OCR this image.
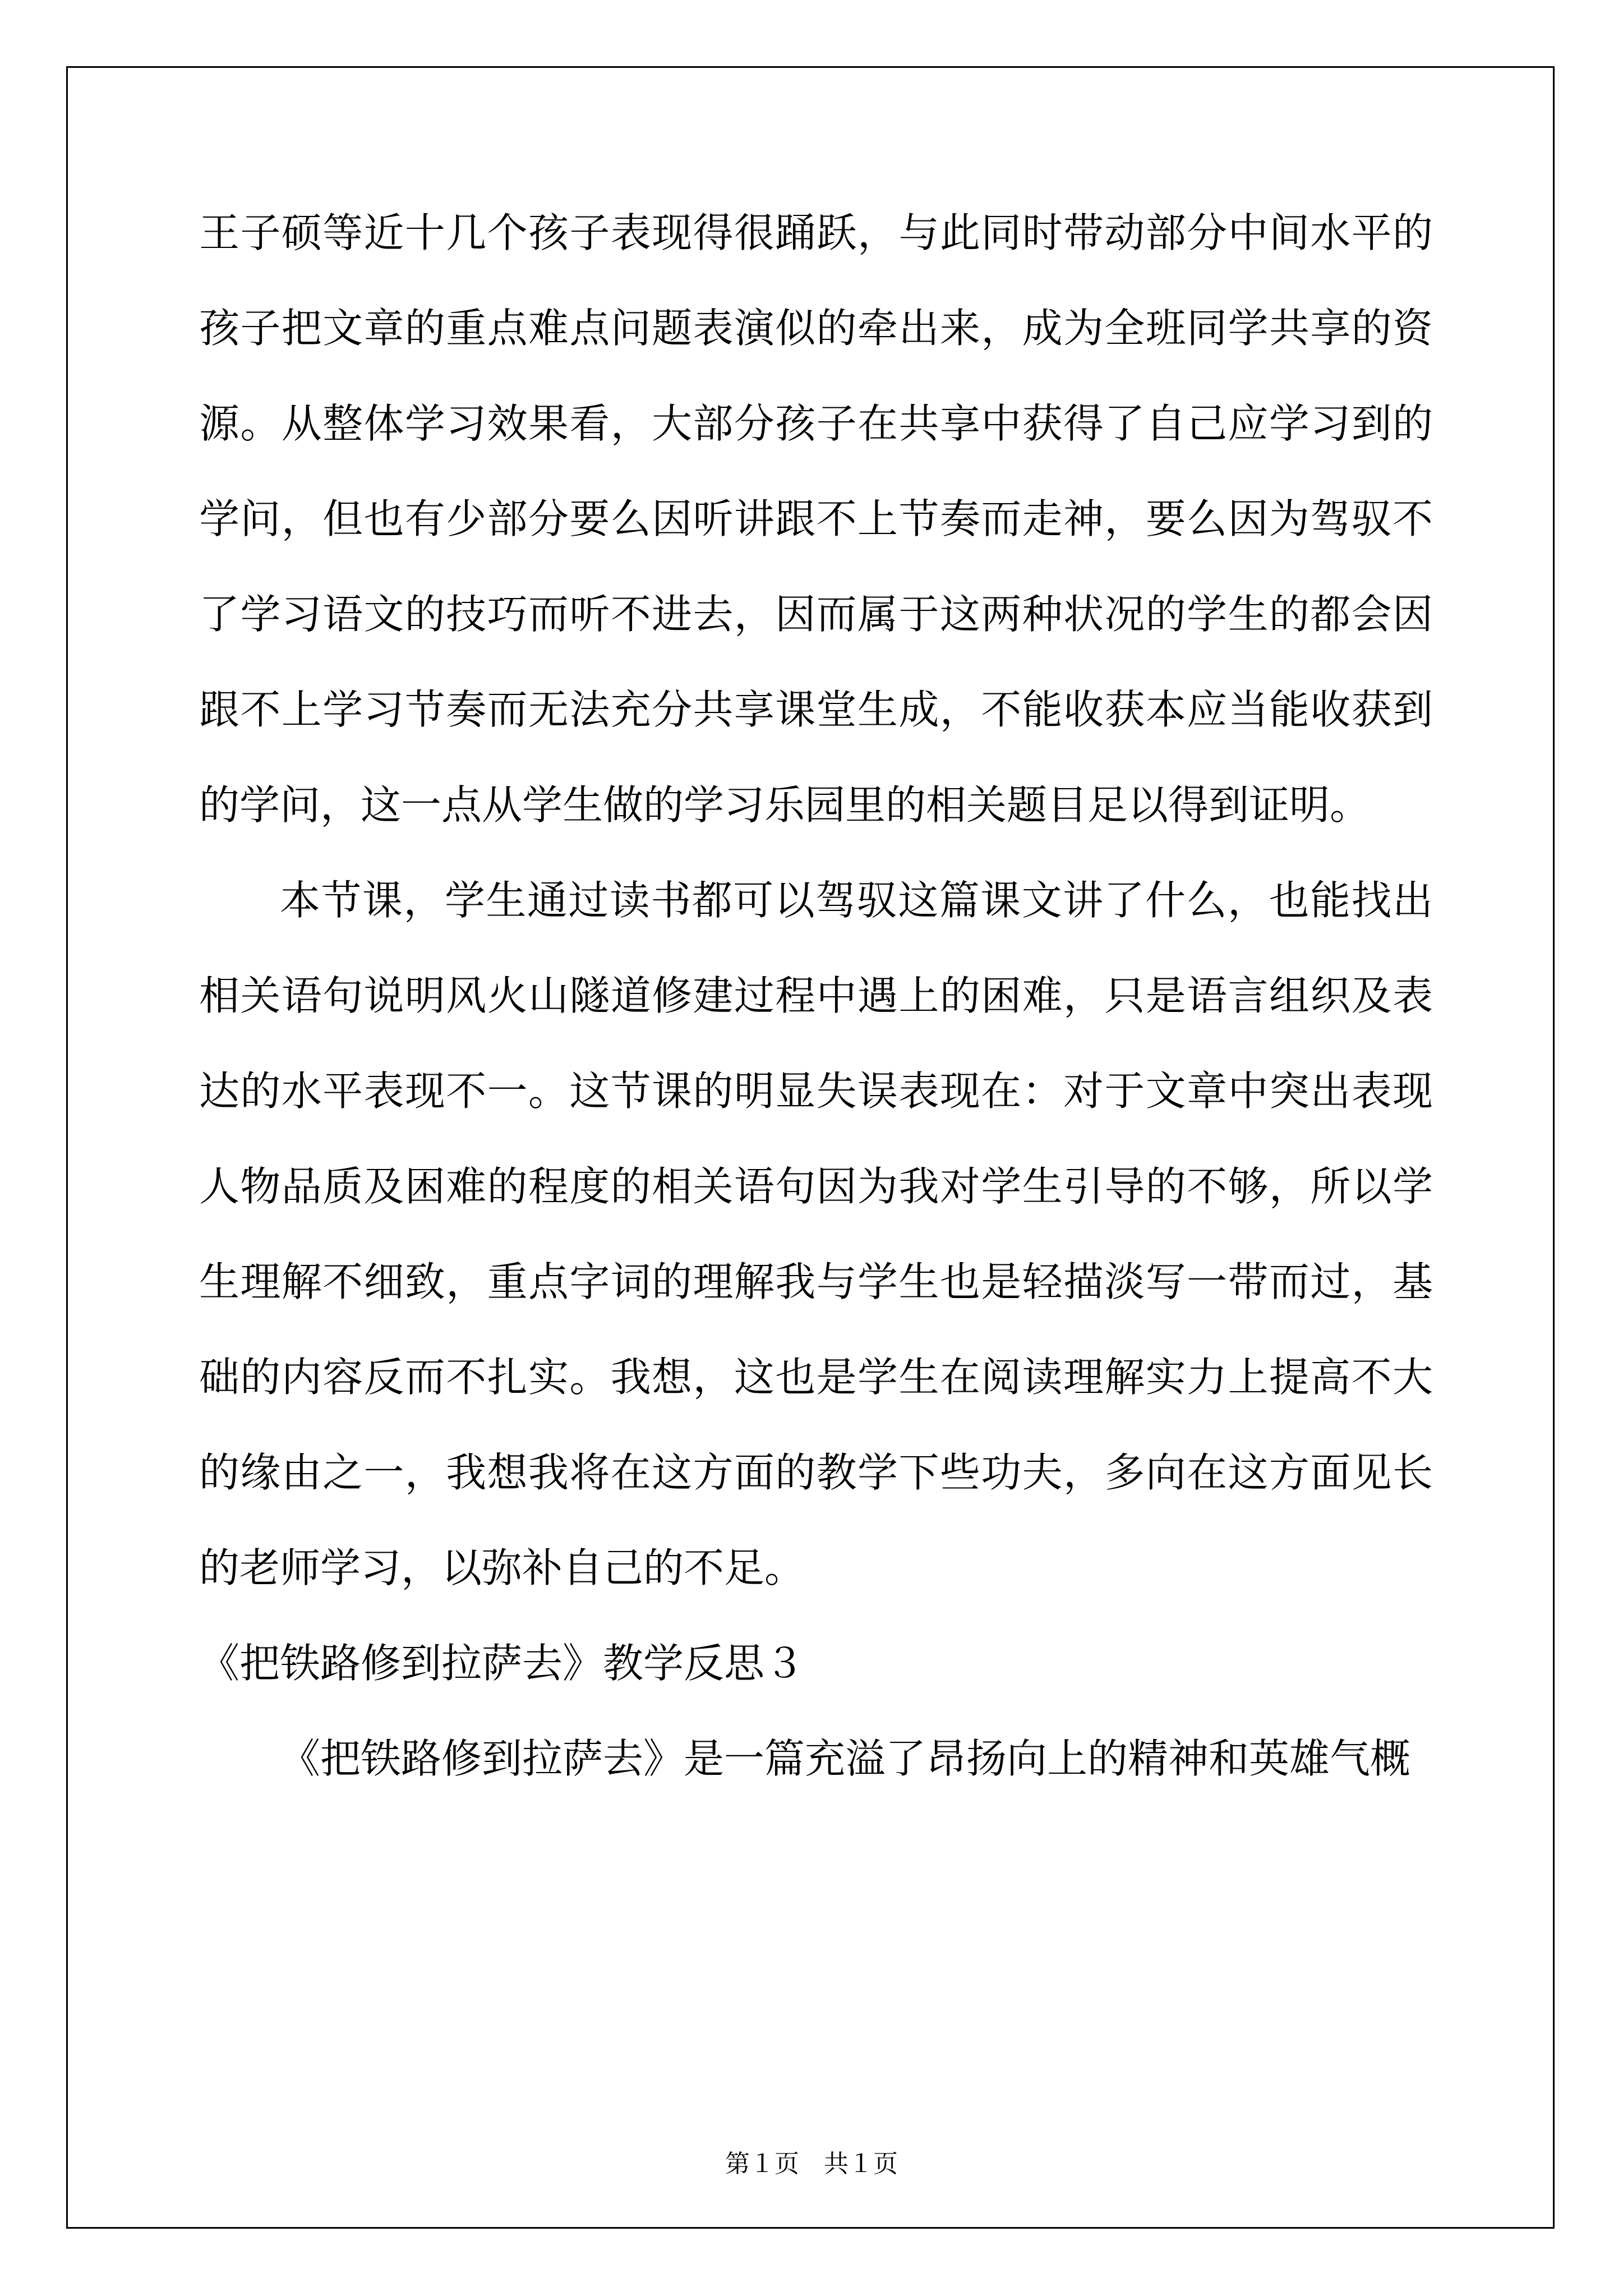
王子硕等近十几个孩子表现得很踊跃，与此同时带动部分中间水平的孩子把文章的重点难点问题表演似的牵出来，成为全班同学共享的资源。从整体学习效果看，大部分孩子在共享中获得了自己应学习到的学问，但也有少部分要么因听讲跟不上节奏而走神，要么因为驾驭不了学习语文的技巧而听不进去，因而属于这两种状况的学生的都会因跟不上学习节奏而无法充分共享课堂生成，不能收获本应当能收获到的学问，这一点从学生做的学习乐园里的相关题目足以得到证明。

本节课，学生通过读书都可以驾驭这篇课文讲了什么，也能找出相关语句说明风火山隧道修建过程中遇上的困难，只是语言组织及表达的水平表现不一。这节课的明显失误表现在：对于文章中突出表现人物品质及困难的程度的相关语句因为我对学生引导的不够，所以学生理解不细致，重点字词的理解我与学生也是轻描淡写一带而过，基础的内容反而不扎实。我想，这也是学生在阅读理解实力上提高不大的缘由之一，我想我将在这方面的教学下些功夫，多向在这方面见长的老师学习，以弥补自己的不足。

《把铁路修到拉萨去》教学反思３

《把铁路修到拉萨去》是一篇充溢了昂扬向上的精神和英雄气概

第１页　共１页
